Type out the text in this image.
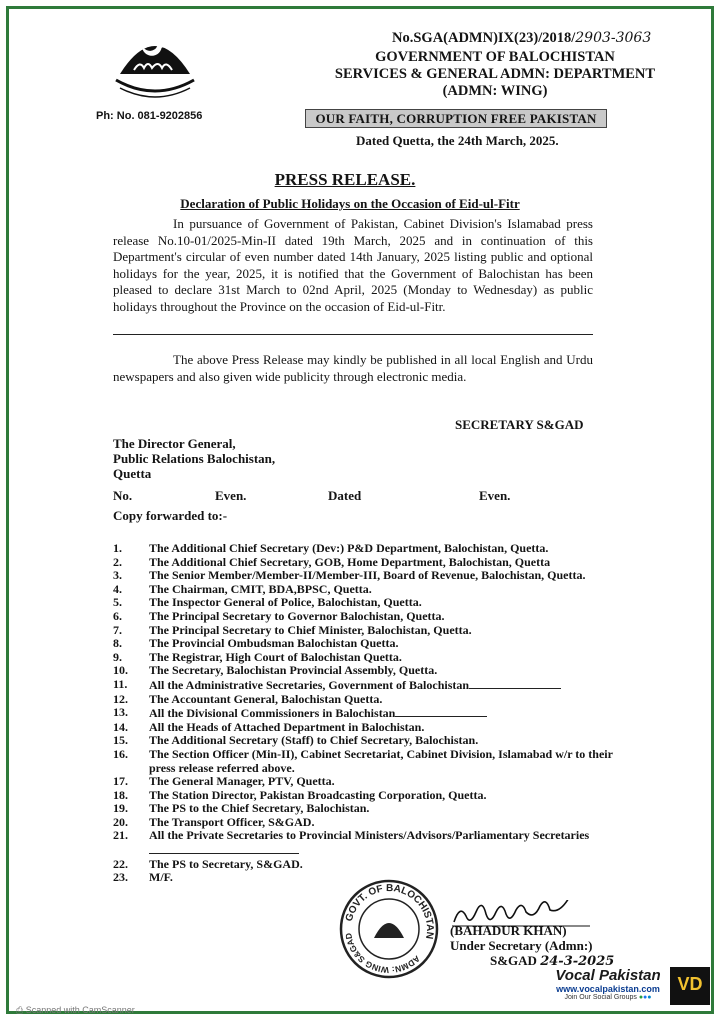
Ph: No. 081-9202856
No.SGA(ADMN)IX(23)/2018/2903-3063
GOVERNMENT OF BALOCHISTAN
SERVICES & GENERAL ADMN: DEPARTMENT
(ADMN: WING)
OUR FAITH, CORRUPTION FREE PAKISTAN
Dated Quetta, the 24th March, 2025.
PRESS RELEASE.
Declaration of Public Holidays on the Occasion of Eid-ul-Fitr
In pursuance of Government of Pakistan, Cabinet Division's Islamabad press release No.10-01/2025-Min-II dated 19th March, 2025 and in continuation of this Department's circular of even number dated 14th January, 2025 listing public and optional holidays for the year, 2025, it is notified that the Government of Balochistan has been pleased to declare 31st March to 02nd April, 2025 (Monday to Wednesday) as public holidays throughout the Province on the occasion of Eid-ul-Fitr.
The above Press Release may kindly be published in all local English and Urdu newspapers and also given wide publicity through electronic media.
SECRETARY S&GAD
The Director General,
Public Relations Balochistan,
Quetta
No.	Even.	Dated	Even.
Copy forwarded to:-
1.	The Additional Chief Secretary (Dev:) P&D Department, Balochistan, Quetta.
2.	The Additional Chief Secretary, GOB, Home Department, Balochistan, Quetta
3.	The Senior Member/Member-II/Member-III, Board of Revenue, Balochistan, Quetta.
4.	The Chairman, CMIT, BDA,BPSC, Quetta.
5.	The Inspector General of Police, Balochistan, Quetta.
6.	The Principal Secretary to Governor Balochistan, Quetta.
7.	The Principal Secretary to Chief Minister, Balochistan, Quetta.
8.	The Provincial Ombudsman Balochistan Quetta.
9.	The Registrar, High Court of Balochistan Quetta.
10.	The Secretary, Balochistan Provincial Assembly, Quetta.
11.	All the Administrative Secretaries, Government of Balochistan
12.	The Accountant General, Balochistan Quetta.
13.	All the Divisional Commissioners in Balochistan
14.	All the Heads of Attached Department in Balochistan.
15.	The Additional Secretary (Staff) to Chief Secretary, Balochistan.
16.	The Section Officer (Min-II), Cabinet Secretariat, Cabinet Division, Islamabad w/r to their press release referred above.
17.	The General Manager, PTV, Quetta.
18.	The Station Director, Pakistan Broadcasting Corporation, Quetta.
19.	The PS to the Chief Secretary, Balochistan.
20.	The Transport Officer, S&GAD.
21.	All the Private Secretaries to Provincial Ministers/Advisors/Parliamentary Secretaries
22.	The PS to Secretary, S&GAD.
23.	M/F.
GOVT. OF BALOCHISTAN
ADMN: WING S&GAD	(BAHADUR KHAN)
Under Secretary (Admn:)
S&GAD 24-3-2025
⎙ Scanned with CamScanner
Vocal Pakistan
www.vocalpakistan.com
Join Our Social Groups ●●●
VD
